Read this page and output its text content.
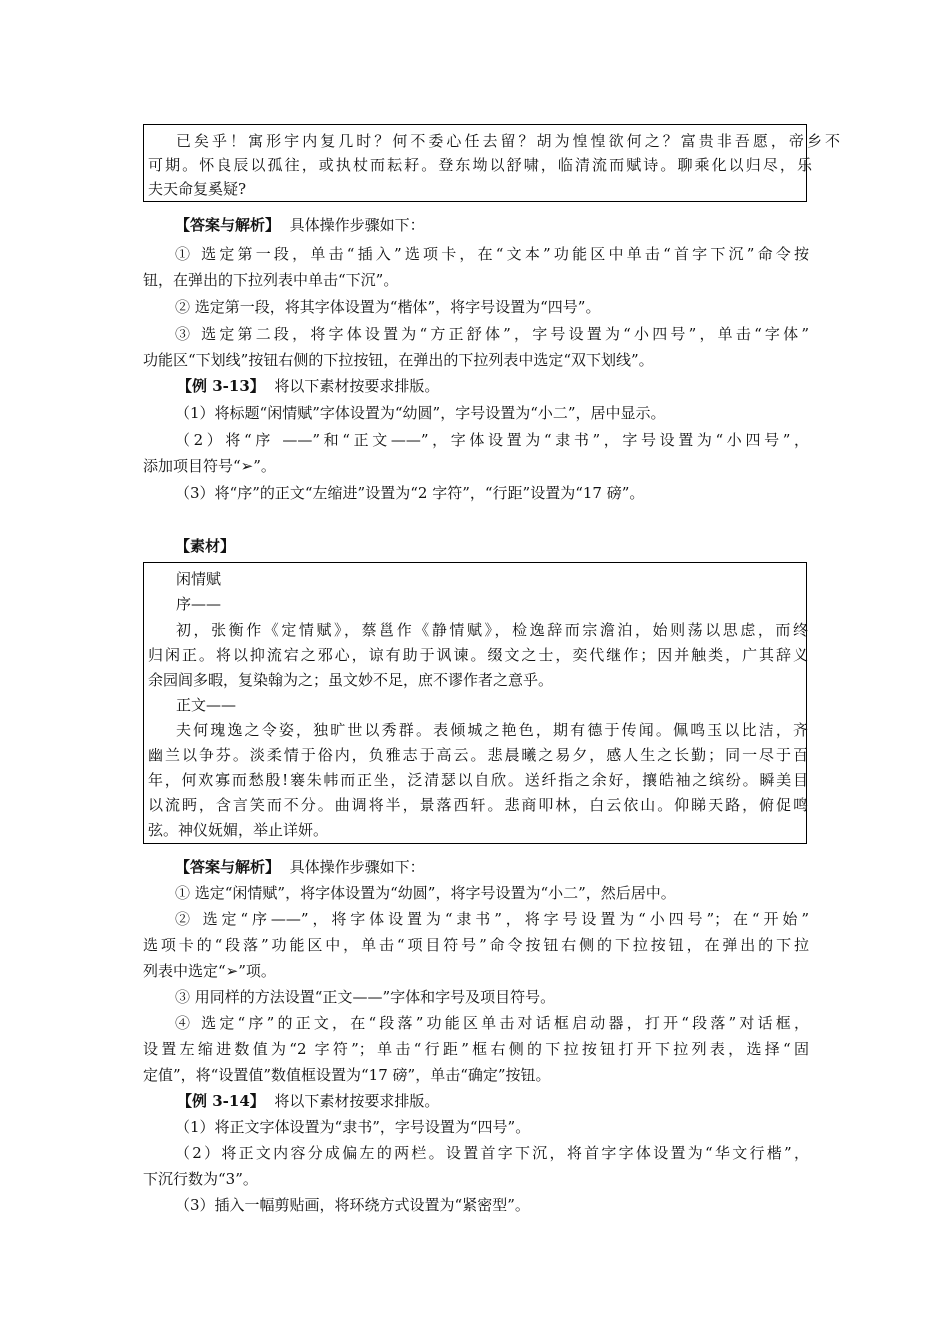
已矣乎！寓形宇内复几时？何不委心任去留？胡为惶惶欲何之？富贵非吾愿，帝乡不
可期。怀良辰以孤往，或执杖而耘耔。登东坳以舒啸，临清流而赋诗。聊乘化以归尽，乐
夫天命复奚疑?
【答案与解析】 具体操作步骤如下：
① 选定第一段，单击“插入”选项卡，在“文本”功能区中单击“首字下沉”命令按
钮，在弹出的下拉列表中单击“下沉”。
② 选定第一段，将其字体设置为“楷体”，将字号设置为“四号”。
③ 选定第二段，将字体设置为“方正舒体”，字号设置为“小四号”，单击“字体”
功能区“下划线”按钮右侧的下拉按钮，在弹出的下拉列表中选定“双下划线”。
【例 3-13】 将以下素材按要求排版。
（1）将标题“闲情赋”字体设置为“幼圆”，字号设置为“小二”，居中显示。
（2）将“序 ——”和“正文——”，字体设置为“隶书”，字号设置为“小四号”，
添加项目符号“➢”。
（3）将“序”的正文“左缩进”设置为“2 字符”，“行距”设置为“17 磅”。
【素材】
闲情赋
序——
初，张衡作《定情赋》，蔡邕作《静情赋》，检逸辞而宗澹泊，始则荡以思虑，而终
归闲正。将以抑流宕之邪心，谅有助于讽谏。缀文之士，奕代继作；因并触类，广其辞义
余园闾多暇，复染翰为之；虽文妙不足，庶不谬作者之意乎。
正文——
夫何瑰逸之令姿，独旷世以秀群。表倾城之艳色，期有德于传闻。佩鸣玉以比洁，齐
幽兰以争芬。淡柔情于俗内，负雅志于高云。悲晨曦之易夕，感人生之长勤；同一尽于百
年，何欢寡而愁殷!褰朱帏而正坐，泛清瑟以自欣。送纤指之余好，攘皓袖之缤纷。瞬美目
以流眄，含言笑而不分。曲调将半，景落西轩。悲商叩林，白云依山。仰睇天路，俯促鸣
弦。神仪妩媚，举止详妍。
【答案与解析】 具体操作步骤如下：
① 选定“闲情赋”，将字体设置为“幼圆”，将字号设置为“小二”，然后居中。
② 选定“序——”，将字体设置为“隶书”，将字号设置为“小四号”；在“开始”
选项卡的“段落”功能区中，单击“项目符号”命令按钮右侧的下拉按钮，在弹出的下拉
列表中选定“➢”项。
③ 用同样的方法设置“正文——”字体和字号及项目符号。
④ 选定“序”的正文，在“段落”功能区单击对话框启动器，打开“段落”对话框，
设置左缩进数值为“2 字符”；单击“行距”框右侧的下拉按钮打开下拉列表，选择“固
定值”，将“设置值”数值框设置为“17 磅”，单击“确定”按钮。
【例 3-14】 将以下素材按要求排版。
（1）将正文字体设置为“隶书”，字号设置为“四号”。
（2）将正文内容分成偏左的两栏。设置首字下沉，将首字字体设置为“华文行楷”，
下沉行数为“3”。
（3）插入一幅剪贴画，将环绕方式设置为“紧密型”。
